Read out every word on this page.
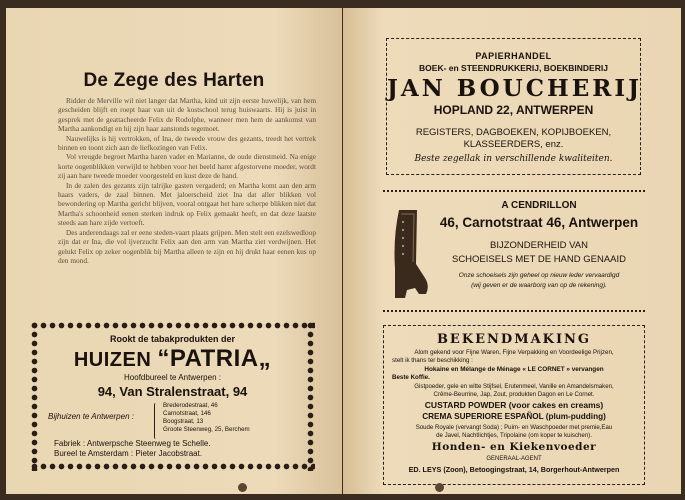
De Zege des Harten

Ridder de Merville wil niet langer dat Martha, kind uit zijn eerste huwelijk, van hem gescheiden blijft en roept haar van uit de kostschool terug huiswaarts. Hij is juist in gesprek met de geattacheerde Felix de Rodolphe, wanneer men hem de aankomst van Martha aankondigt en hij zijn haar aanstonds tegemoet.

Nauwelijks is hij vertrokken, of Ina, de tweede vrouw des gezants, treedt het vertrek binnen en toont zich aan de liefkozingen van Felix.

Vol vreugde begroet Martha haren vader en Marianne, de oude dienstmeid. Na enige korte oogenblikken verwijld te hebben voor het beeld harer afgestorvene moeder, wordt zij aan hare tweede moeder voorgesteld en kust deze de hand.

In de zalen des gezants zijn talrijke gasten vergaderd; en Martha komt aan den arm haars vaders, de zaal binnen. Met jaloerscheid ziet Ina dat aller blikken vol bewondering op Martha gericht blijven, vooral ontgaat het hare scherpe blikken niet dat Martha's schoonheid eenen sterken indruk op Felix gemaakt heeft, en dat deze laatste steeds aan hare zijde vertoeft.

Des anderendaags zal er eene steden-vaart plaats grijpen. Men stelt een ezelswedloop zijn dat er Ina, die vol ijverzucht Felix aan den arm van Martha ziet verdwijnen. Het gelukt Felix op zeker oogenblik bij Martha alleen te zijn en hij drukt haar eenen kus op den mond.

Rookt de tabakprodukten der
HUIZEN “PATRIA„
Hoofdbureel te Antwerpen :
94, Van Stralenstraat, 94
Bijhuizen te Antwerpen :
Brederodestraat, 46
Carnotstraat, 146
Boogstraat, 13
Groote Steenweg, 25, Berchem
Fabriek : Antwerpsche Steenweg te Schelle.
Bureel te Amsterdam : Pieter Jacobstraat.
PAPIERHANDEL
BOEK- en STEENDRUKKERIJ, BOEKBINDERIJ
JAN BOUCHERIJ
HOPLAND 22, ANTWERPEN
REGISTERS, DAGBOEKEN, KOPIJBOEKEN,
KLASSEERDERS, enz.
Beste zegellak in verschillende kwaliteiten.
A CENDRILLON
46, Carnotstraat 46, Antwerpen
BIJZONDERHEID VAN
SCHOEISELS MET DE HAND GENAAID
Onze schoeisels zijn geheel op nieuw leder vervaardigd
(wij geven er de waarborg van op de rekening).
BEKENDMAKING
Alom gekend voor Fijne Waren, Fijne Verpakking en Voordeelige Prijzen,
stelt ik thans ter beschikking :
Hokaine en Mélange de Ménage « LE CORNET » vervangen
Beste Koffie.
Gistpoeder, gele en witte Stijfsel, Erutenmeel, Vanille en Amandelsmaken,
Crême-Beurrine, Jap, Zout, produkten Dagon en Le Cornet.
CUSTARD POWDER (voor cakes en creams)
CREMA SUPERIORE ESPAÑOL (plum-pudding)
Soude Royale (vervangt Soda) ; Puim- en Waschpoeder met premie,Eau
de Javel, Nachtlichtjes, Tripolaine (om koper te kuischen).
Honden- en Kiekenvoeder
GENERAAL-AGENT
ED. LEYS (Zoon), Betoogingstraat, 14, Borgerhout-Antwerpen
